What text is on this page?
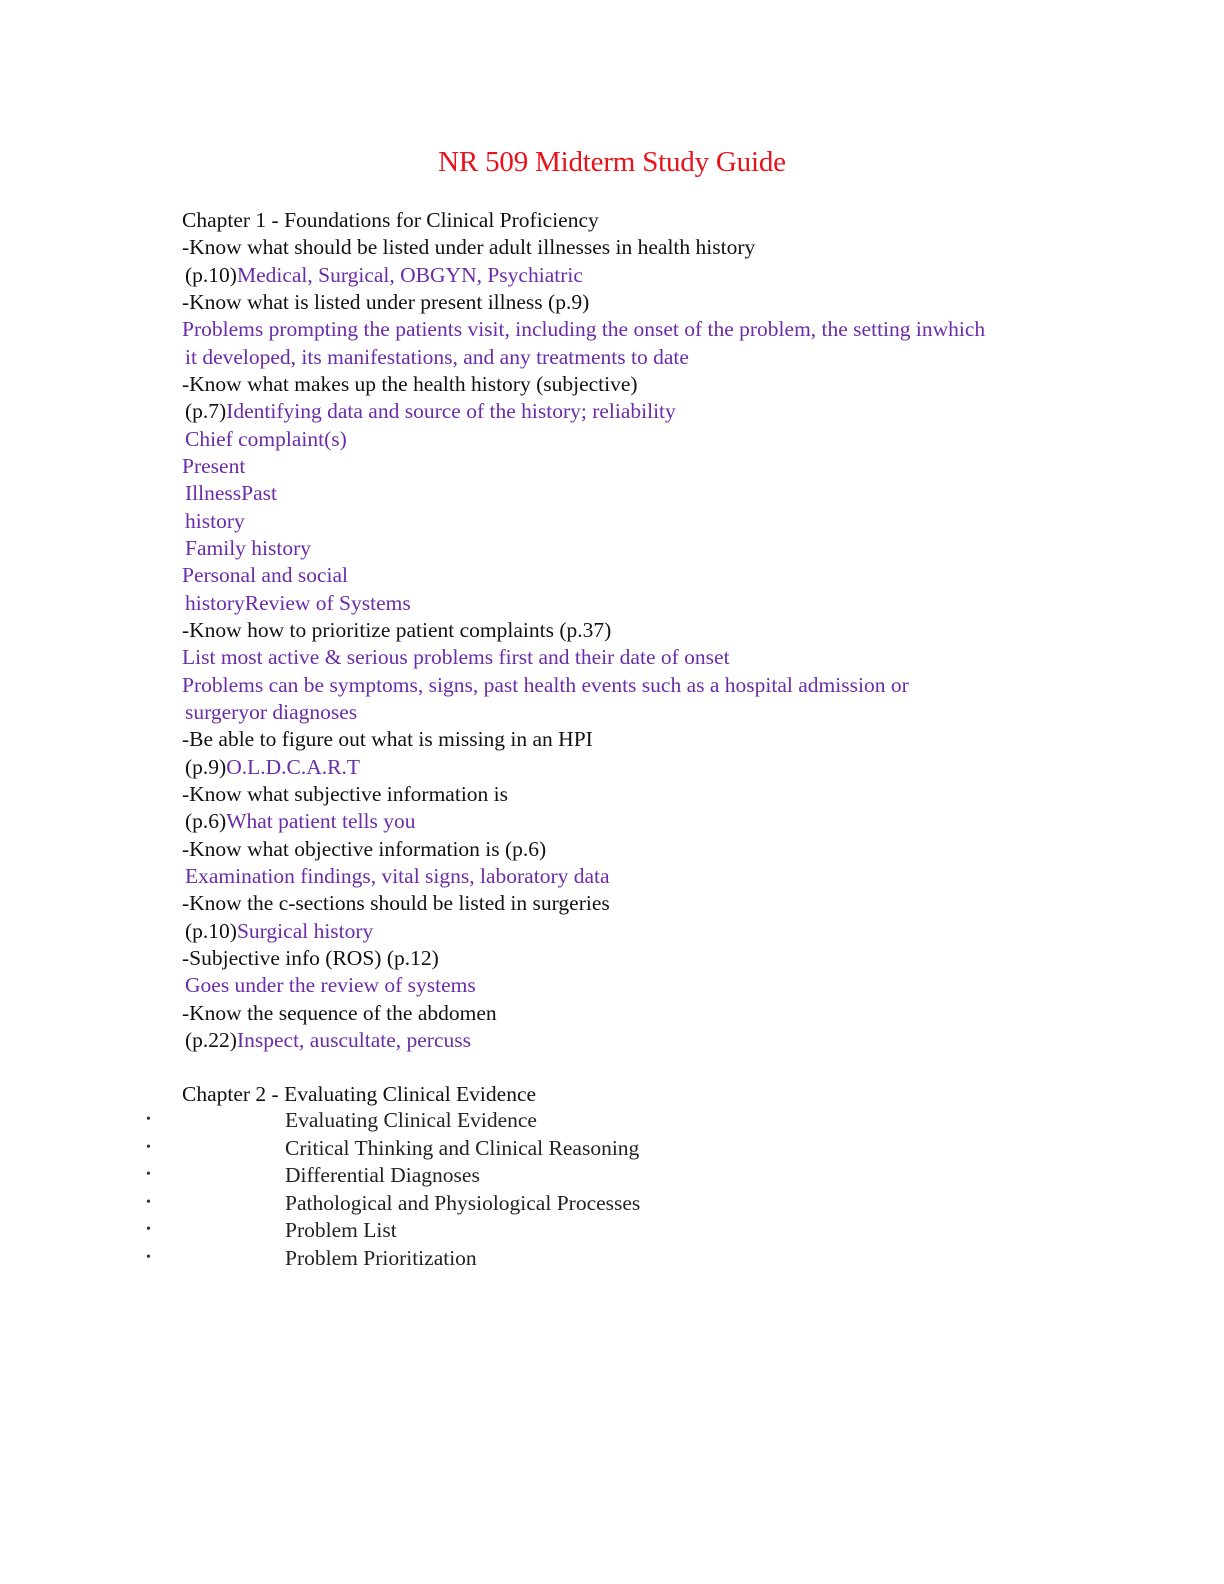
NR 509 Midterm Study Guide
Chapter 1 - Foundations for Clinical Proficiency
-Know what should be listed under adult illnesses in health history
(p.10)Medical, Surgical, OBGYN, Psychiatric
-Know what is listed under present illness (p.9)
Problems prompting the patients visit, including the onset of the problem, the setting inwhich
it developed, its manifestations, and any treatments to date
-Know what makes up the health history (subjective)
(p.7)Identifying data and source of the history; reliability
Chief complaint(s)
Present
IllnessPast
history
Family history
Personal and social
historyReview of Systems
-Know how to prioritize patient complaints (p.37)
List most active & serious problems first and their date of onset
Problems can be symptoms, signs, past health events such as a hospital admission or
surgeryor diagnoses
-Be able to figure out what is missing in an HPI
(p.9)O.L.D.C.A.R.T
-Know what subjective information is
(p.6)What patient tells you
-Know what objective information is (p.6)
Examination findings, vital signs, laboratory data
-Know the c-sections should be listed in surgeries
(p.10)Surgical history
-Subjective info (ROS) (p.12)
Goes under the review of systems
-Know the sequence of the abdomen
(p.22)Inspect, auscultate, percuss
Chapter 2 - Evaluating Clinical Evidence
•	Evaluating Clinical Evidence
•	Critical Thinking and Clinical Reasoning
•	Differential Diagnoses
•	Pathological and Physiological Processes
•	Problem List
•	Problem Prioritization
